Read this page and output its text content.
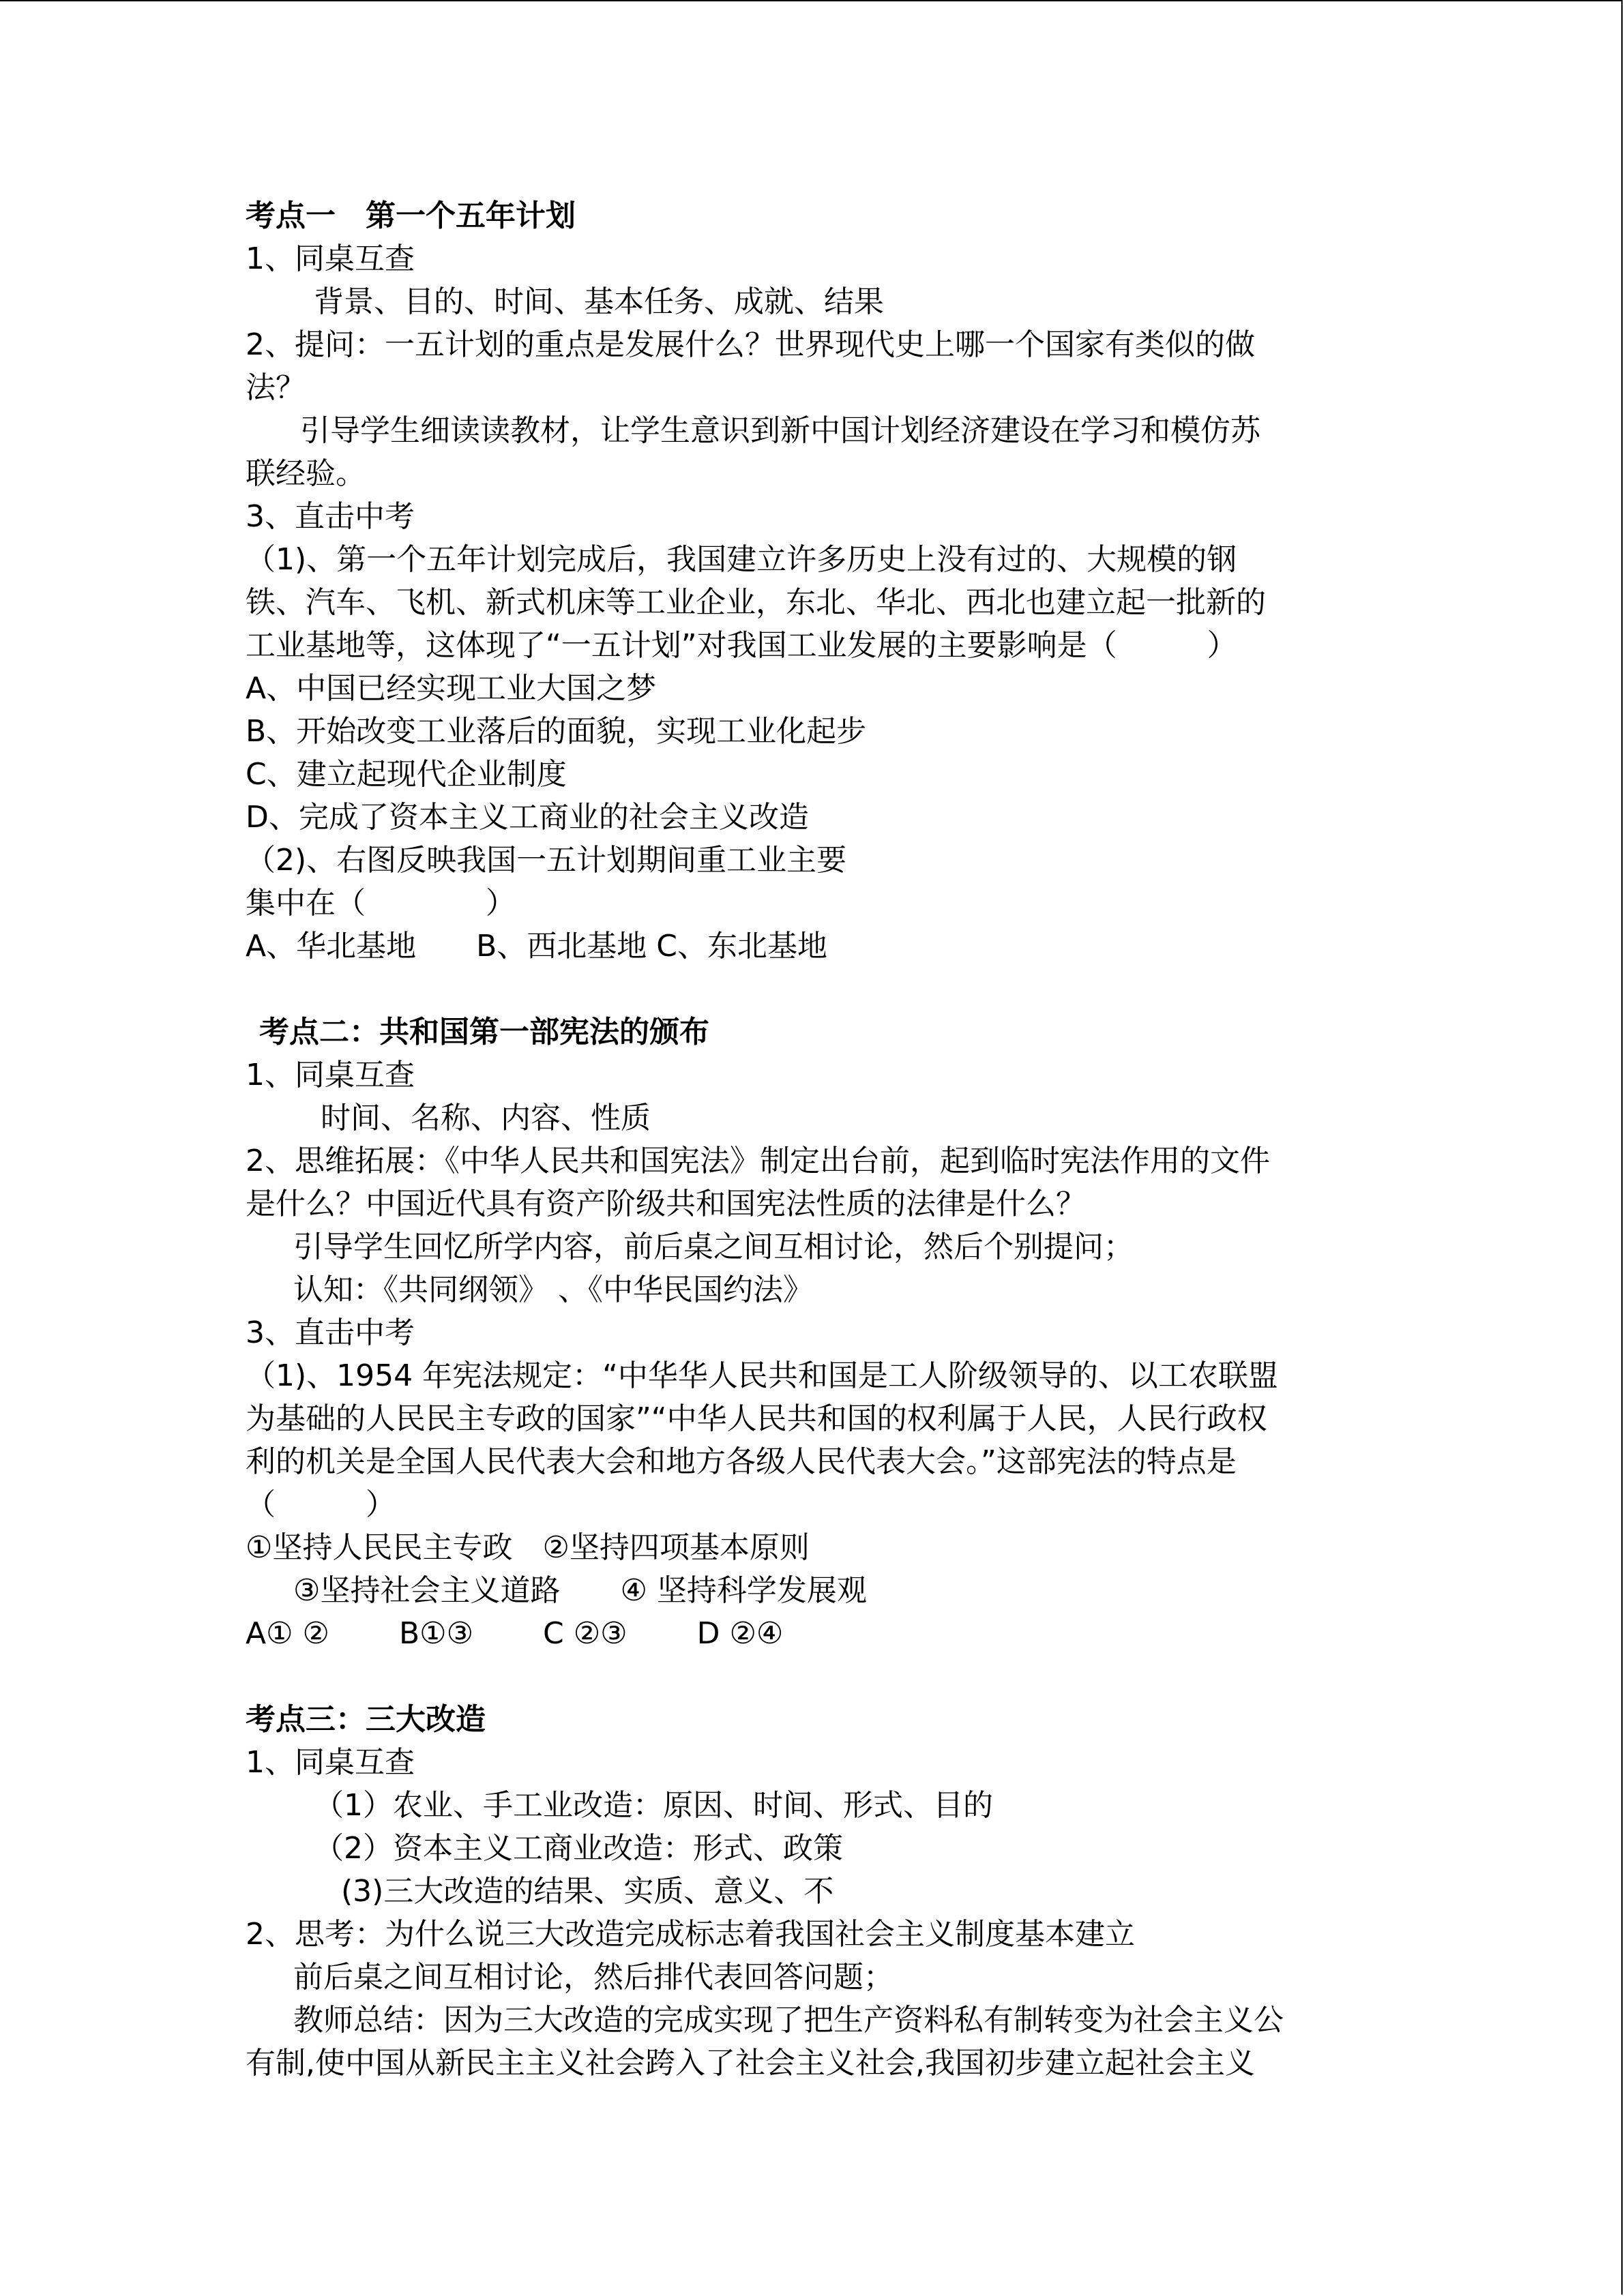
考点一　第一个五年计划
1、同桌互查
背景、目的、时间、基本任务、成就、结果
2、提问：一五计划的重点是发展什么？世界现代史上哪一个国家有类似的做
法？
引导学生细读读教材，让学生意识到新中国计划经济建设在学习和模仿苏
联经验。
3、直击中考
（1)、第一个五年计划完成后，我国建立许多历史上没有过的、大规模的钢
铁、汽车、飞机、新式机床等工业企业，东北、华北、西北也建立起一批新的
工业基地等，这体现了“一五计划”对我国工业发展的主要影响是（　　　）
A、中国已经实现工业大国之梦
B、开始改变工业落后的面貌，实现工业化起步
C、建立起现代企业制度
D、完成了资本主义工商业的社会主义改造
（2)、右图反映我国一五计划期间重工业主要
集中在（　　　　）
A、华北基地　　B、西北基地 C、东北基地
考点二：共和国第一部宪法的颁布
1、同桌互查
时间、名称、内容、性质
2、思维拓展：《中华人民共和国宪法》制定出台前，起到临时宪法作用的文件
是什么？中国近代具有资产阶级共和国宪法性质的法律是什么？
引导学生回忆所学内容，前后桌之间互相讨论，然后个别提问；
认知：《共同纲领》 、《中华民国约法》
3、直击中考
（1)、1954 年宪法规定：“中华华人民共和国是工人阶级领导的、以工农联盟
为基础的人民民主专政的国家”“中华人民共和国的权利属于人民，人民行政权
利的机关是全国人民代表大会和地方各级人民代表大会。”这部宪法的特点是
（　　　）
①坚持人民民主专政　②坚持四项基本原则
③坚持社会主义道路　　④ 坚持科学发展观
A① ②　　 B①③　　 C ②③　　 D ②④
考点三：三大改造
1、同桌互查
（1）农业、手工业改造：原因、时间、形式、目的
（2）资本主义工商业改造：形式、政策
(3)三大改造的结果、实质、意义、不
2、思考：为什么说三大改造完成标志着我国社会主义制度基本建立
前后桌之间互相讨论，然后排代表回答问题；
教师总结：因为三大改造的完成实现了把生产资料私有制转变为社会主义公
有制,使中国从新民主主义社会跨入了社会主义社会,我国初步建立起社会主义
